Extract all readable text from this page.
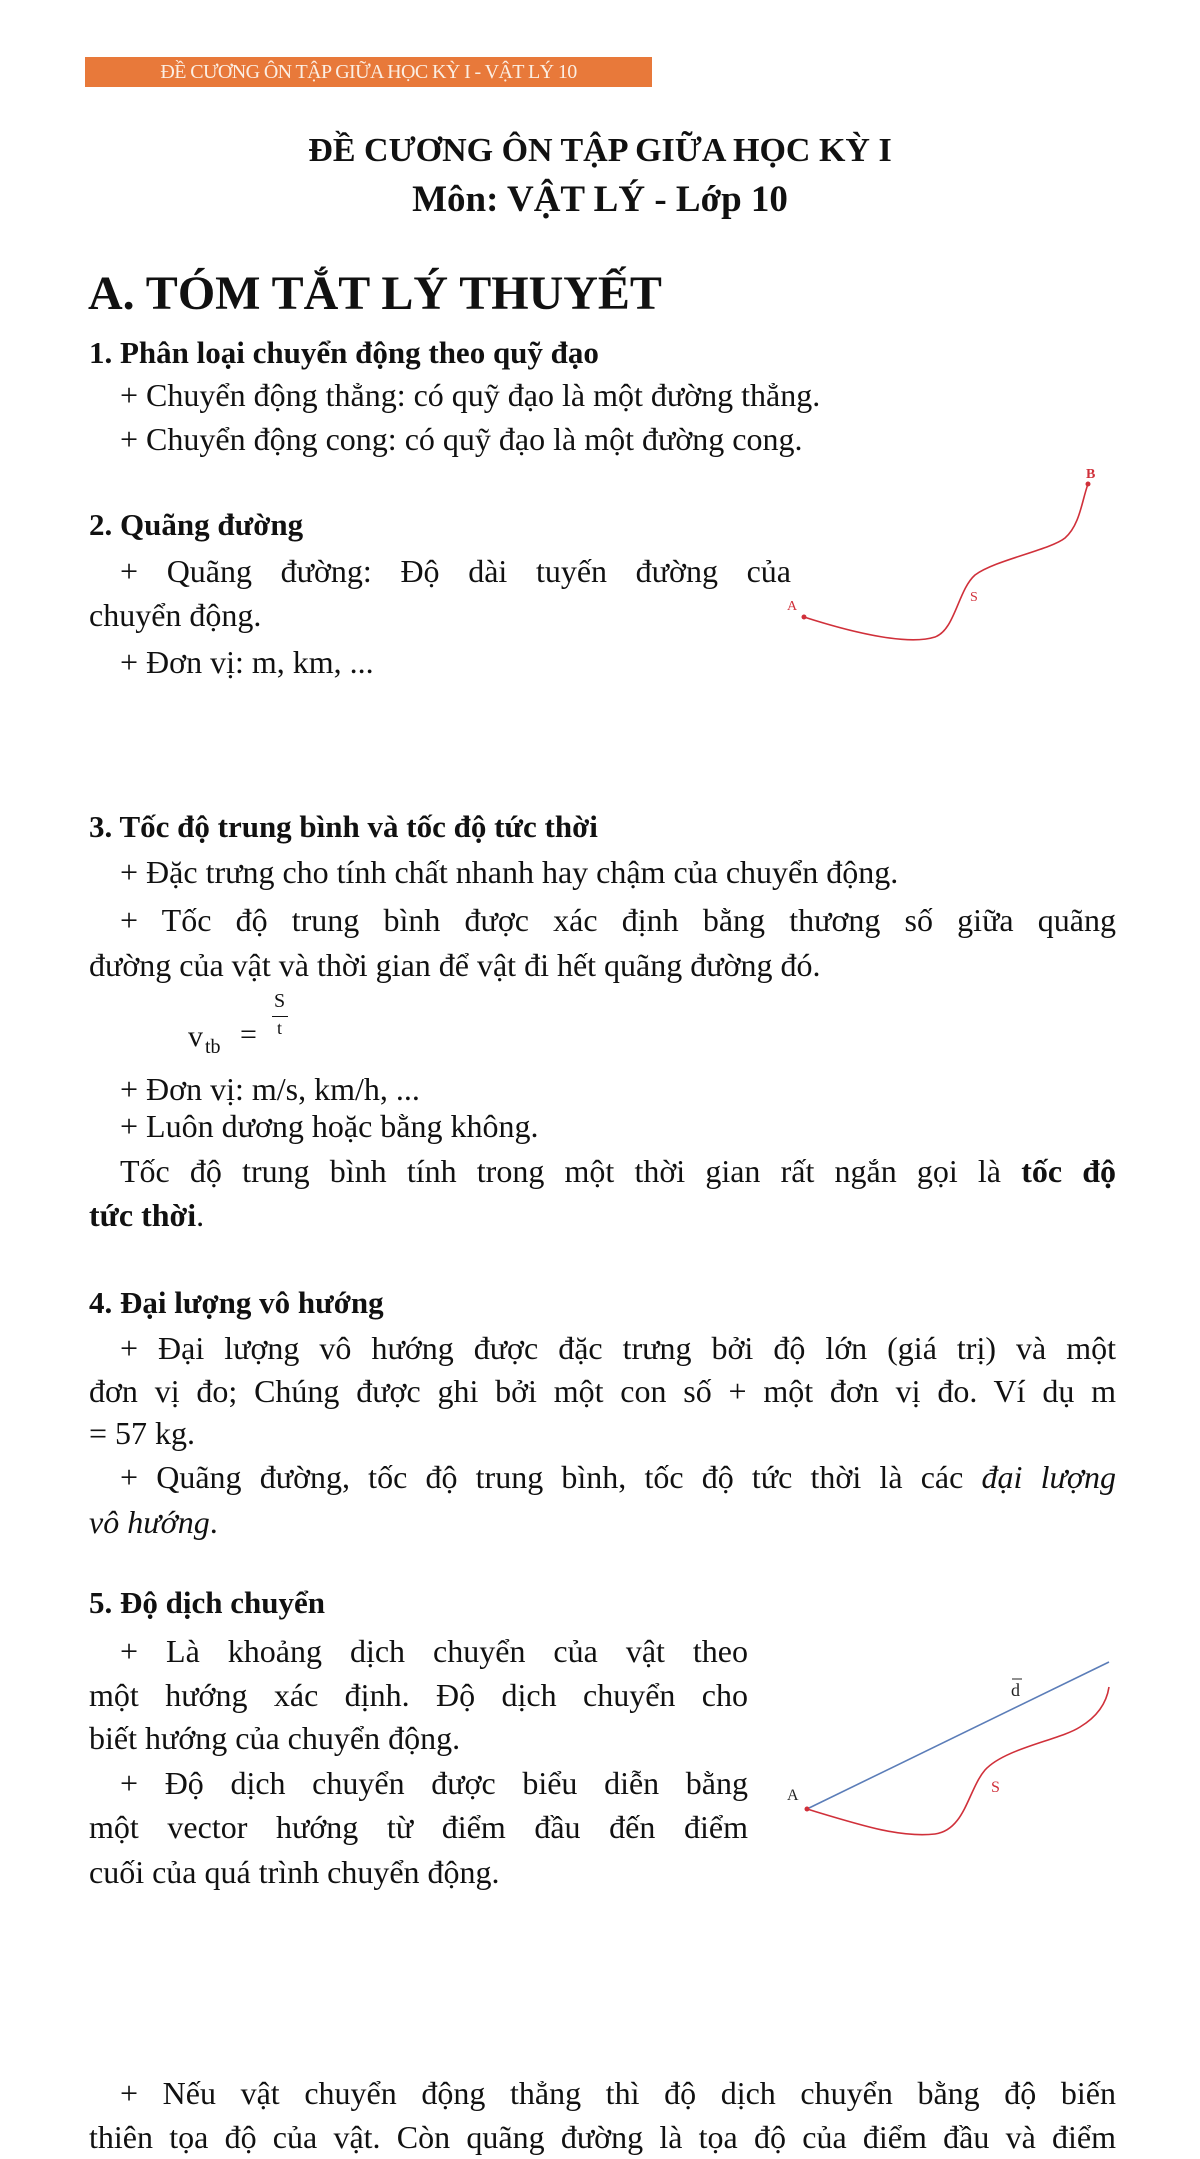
ĐỀ CƯƠNG ÔN TẬP GIỮA HỌC KỲ I - VẬT LÝ 10
ĐỀ CƯƠNG ÔN TẬP GIỮA HỌC KỲ I
Môn: VẬT LÝ - Lớp 10
A. TÓM TẮT LÝ THUYẾT
1. Phân loại chuyển động theo quỹ đạo
+ Chuyển động thẳng: có quỹ đạo là một đường thẳng.
+ Chuyển động cong: có quỹ đạo là một đường cong.
2. Quãng đường
+ Quãng đường: Độ dài tuyến đường của
chuyển động.
+ Đơn vị: m, km, ...
3. Tốc độ trung bình và tốc độ tức thời
+ Đặc trưng cho tính chất nhanh hay chậm của chuyển động.
+ Tốc độ trung bình được xác định bằng thương số giữa quãng
đường của vật và thời gian để vật đi hết quãng đường đó.
+ Đơn vị: m/s, km/h, ...
+ Luôn dương hoặc bằng không.
Tốc độ trung bình tính trong một thời gian rất ngắn gọi là tốc độ
tức thời.
4. Đại lượng vô hướng
+ Đại lượng vô hướng được đặc trưng bởi độ lớn (giá trị) và một
đơn vị đo; Chúng được ghi bởi một con số + một đơn vị đo. Ví dụ m
= 57 kg.
+ Quãng đường, tốc độ trung bình, tốc độ tức thời là các đại lượng
vô hướng.
5. Độ dịch chuyển
+ Là khoảng dịch chuyển của vật theo
một hướng xác định. Độ dịch chuyển cho
biết hướng của chuyển động.
+ Độ dịch chuyển được biểu diễn bằng
một vector hướng từ điểm đầu đến điểm
cuối của quá trình chuyển động.
+ Nếu vật chuyển động thẳng thì độ dịch chuyển bằng độ biến
thiên tọa độ của vật. Còn quãng đường là tọa độ của điểm đầu và điểm
v tb =
S
t
A
B
S
A
d
S
